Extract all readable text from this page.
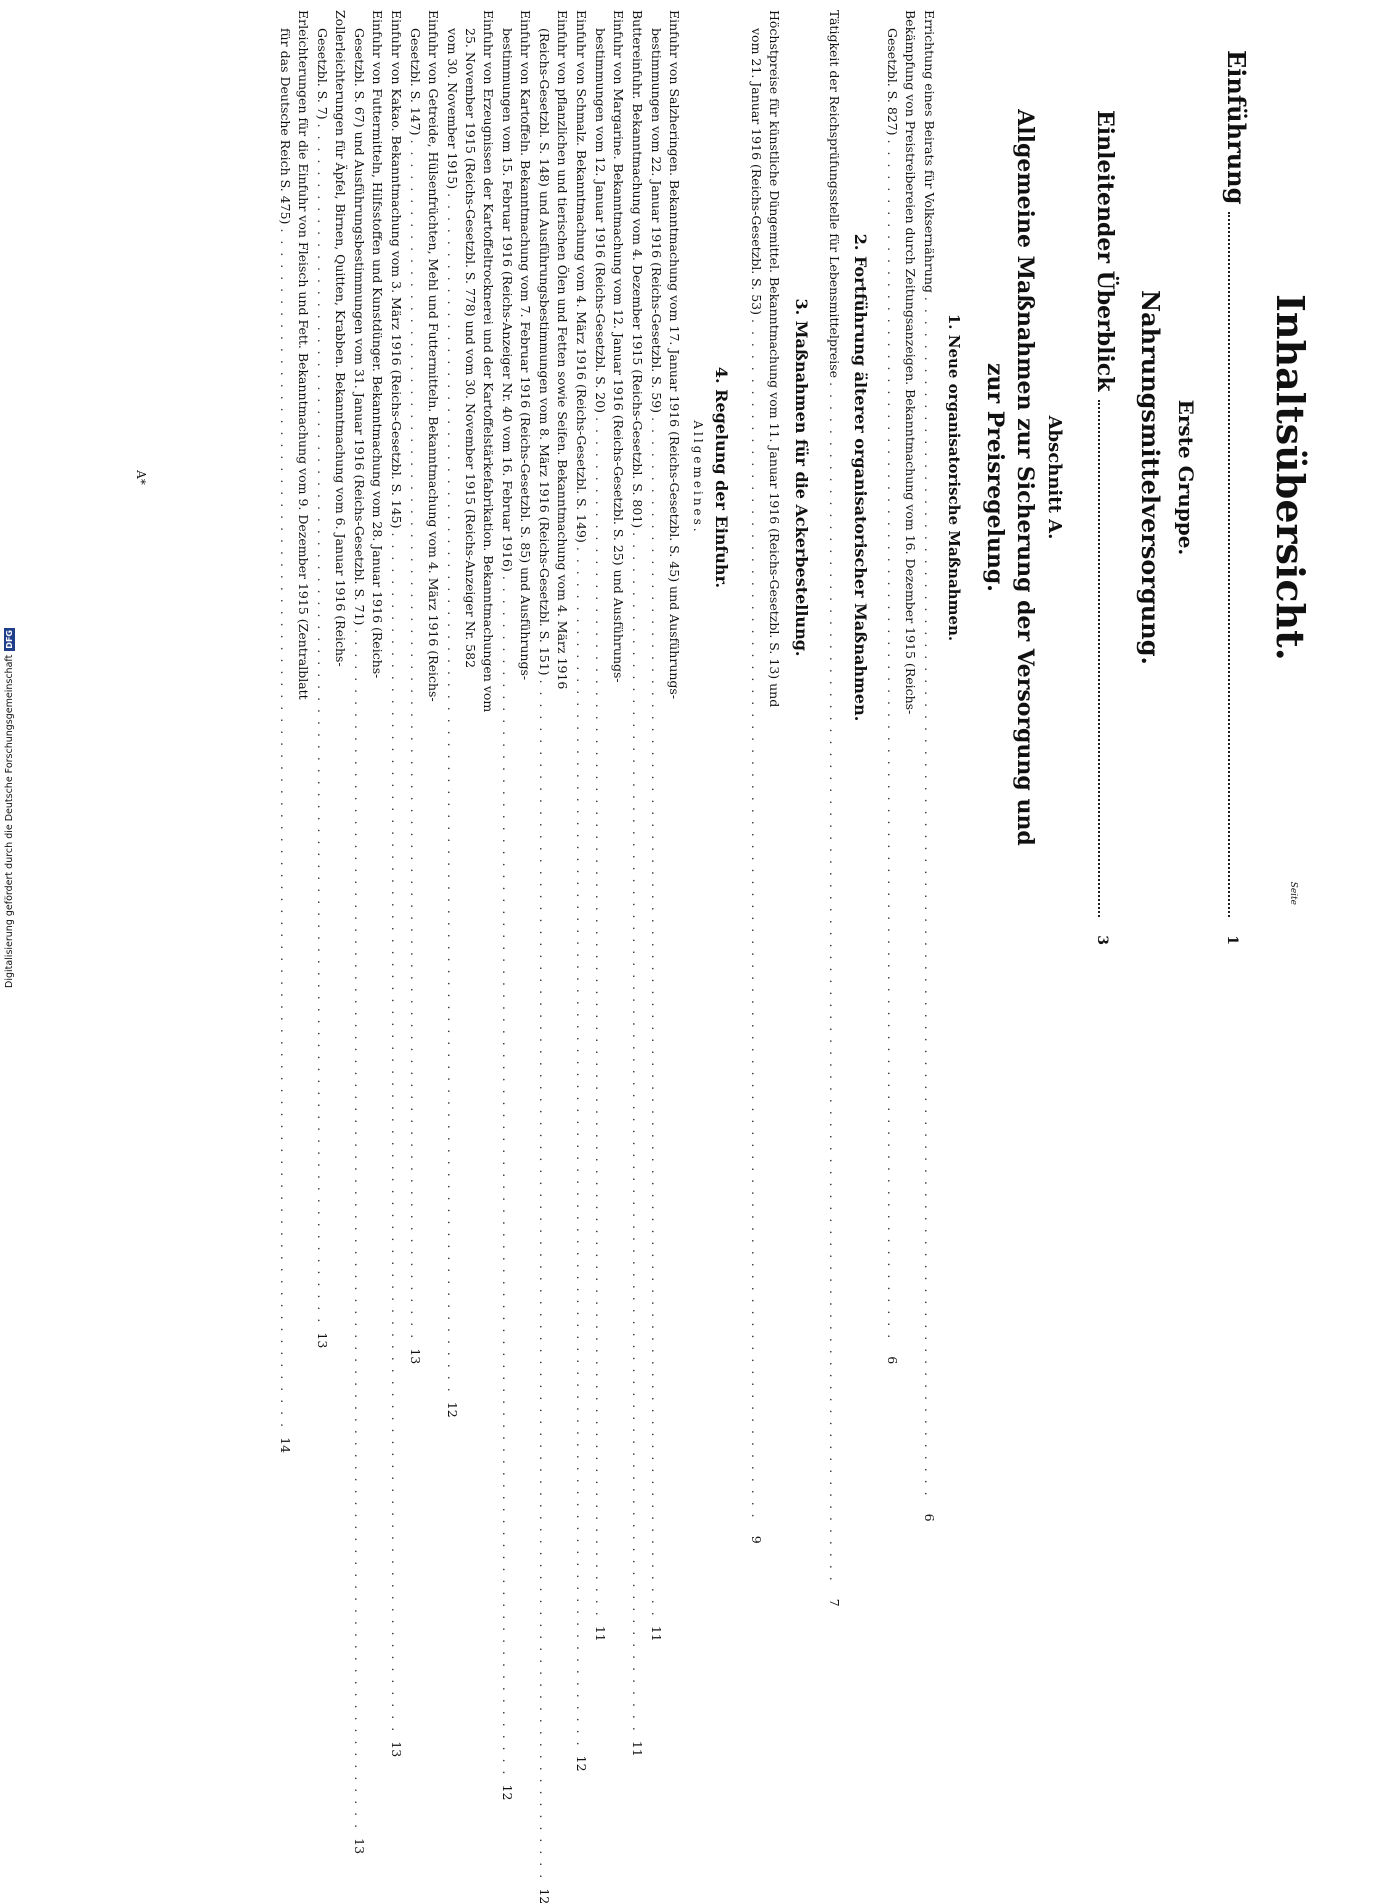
Seite
Inhaltsübersicht.
Einführung
1
Erste Gruppe.
Nahrungsmittelversorgung.
Einleitender Überblick
3
Abschnitt A.
Allgemeine Maßnahmen zur Sicherung der Versorgung und
zur Preisregelung.
1. Neue organisatorische Maßnahmen.
Errichtung eines Beirats für Volksernährung
. . . . . . . . . . . . . . . . . . . . . . . . . . . . . . . . . . . . . . . . . . . . . . . . . . . . . . . . . . . . . . . . . . . . . . . . . . . . . . . . . . . . . . . . . . . . . . . . . . . . .
6
Bekämpfung von Preistreibereien durch Zeitungsanzeigen. Bekanntmachung vom 16. Dezember 1915 (Reichs-
Gesetzbl. S. 827)
. . . . . . . . . . . . . . . . . . . . . . . . . . . . . . . . . . . . . . . . . . . . . . . . . . . . . . . . . . . . . . . . . . . . . . . . . . . . . . . . . . . . . . . . . . . . . . . . . . . . .
6
2. Fortführung älterer organisatorischer Maßnahmen.
Tätigkeit der Reichsprüfungsstelle für Lebensmittelpreise
. . . . . . . . . . . . . . . . . . . . . . . . . . . . . . . . . . . . . . . . . . . . . . . . . . . . . . . . . . . . . . . . . . . . . . . . . . . . . . . . . . . . . . . . . . . . . . . . . . . . .
7
3. Maßnahmen für die Ackerbestellung.
Höchstpreise für künstliche Düngemittel. Bekanntmachung vom 11. Januar 1916 (Reichs-Gesetzbl. S. 13) und
vom 21. Januar 1916 (Reichs-Gesetzbl. S. 53)
. . . . . . . . . . . . . . . . . . . . . . . . . . . . . . . . . . . . . . . . . . . . . . . . . . . . . . . . . . . . . . . . . . . . . . . . . . . . . . . . . . . . . . . . . . . . . . . . . . . . .
9
4. Regelung der Einfuhr.
Allgemeines.
Einfuhr von Salzheringen. Bekanntmachung vom 17. Januar 1916 (Reichs-Gesetzbl. S. 45) und Ausführungs-
bestimmungen vom 22. Januar 1916 (Reichs-Gesetzbl. S. 59)
. . . . . . . . . . . . . . . . . . . . . . . . . . . . . . . . . . . . . . . . . . . . . . . . . . . . . . . . . . . . . . . . . . . . . . . . . . . . . . . . . . . . . . . . . . . . . . . . . . . . .
11
Buttereinfuhr. Bekanntmachung vom 4. Dezember 1915 (Reichs-Gesetzbl. S. 801)
. . . . . . . . . . . . . . . . . . . . . . . . . . . . . . . . . . . . . . . . . . . . . . . . . . . . . . . . . . . . . . . . . . . . . . . . . . . . . . . . . . . . . . . . . . . . . . . . . . . . .
11
Einfuhr von Margarine. Bekanntmachung vom 12. Januar 1916 (Reichs-Gesetzbl. S. 25) und Ausführungs-
bestimmungen vom 12. Januar 1916 (Reichs-Gesetzbl. S. 20)
. . . . . . . . . . . . . . . . . . . . . . . . . . . . . . . . . . . . . . . . . . . . . . . . . . . . . . . . . . . . . . . . . . . . . . . . . . . . . . . . . . . . . . . . . . . . . . . . . . . . .
11
Einfuhr von Schmalz. Bekanntmachung vom 4. März 1916 (Reichs-Gesetzbl. S. 149)
. . . . . . . . . . . . . . . . . . . . . . . . . . . . . . . . . . . . . . . . . . . . . . . . . . . . . . . . . . . . . . . . . . . . . . . . . . . . . . . . . . . . . . . . . . . . . . . . . . . . .
12
Einfuhr von pflanzlichen und tierischen Ölen und Fetten sowie Seifen. Bekanntmachung vom 4. März 1916
(Reichs-Gesetzbl. S. 148) und Ausführungsbestimmungen vom 8. März 1916 (Reichs-Gesetzbl. S. 151)
. . . . . . . . . . . . . . . . . . . . . . . . . . . . . . . . . . . . . . . . . . . . . . . . . . . . . . . . . . . . . . . . . . . . . . . . . . . . . . . . . . . . . . . . . . . . . . . . . . . . .
12
Einfuhr von Kartoffeln. Bekanntmachung vom 7. Februar 1916 (Reichs-Gesetzbl. S. 85) und Ausführungs-
bestimmungen vom 15. Februar 1916 (Reichs-Anzeiger Nr. 40 vom 16. Februar 1916)
. . . . . . . . . . . . . . . . . . . . . . . . . . . . . . . . . . . . . . . . . . . . . . . . . . . . . . . . . . . . . . . . . . . . . . . . . . . . . . . . . . . . . . . . . . . . . . . . . . . . .
12
Einfuhr von Erzeugnissen der Kartoffeltrocknerei und der Kartoffelstärkefabrikation. Bekanntmachungen vom
25. November 1915 (Reichs-Gesetzbl. S. 778) und vom 30. November 1915 (Reichs-Anzeiger Nr. 582
vom 30. November 1915)
. . . . . . . . . . . . . . . . . . . . . . . . . . . . . . . . . . . . . . . . . . . . . . . . . . . . . . . . . . . . . . . . . . . . . . . . . . . . . . . . . . . . . . . . . . . . . . . . . . . . .
12
Einfuhr von Getreide, Hülsenfrüchten, Mehl und Futtermitteln. Bekanntmachung vom 4. März 1916 (Reichs-
Gesetzbl. S. 147)
. . . . . . . . . . . . . . . . . . . . . . . . . . . . . . . . . . . . . . . . . . . . . . . . . . . . . . . . . . . . . . . . . . . . . . . . . . . . . . . . . . . . . . . . . . . . . . . . . . . . .
13
Einfuhr von Kakao. Bekanntmachung vom 3. März 1916 (Reichs-Gesetzbl. S. 145)
. . . . . . . . . . . . . . . . . . . . . . . . . . . . . . . . . . . . . . . . . . . . . . . . . . . . . . . . . . . . . . . . . . . . . . . . . . . . . . . . . . . . . . . . . . . . . . . . . . . . .
13
Einfuhr von Futtermitteln, Hilfsstoffen und Kunstdünger. Bekanntmachung vom 28. Januar 1916 (Reichs-
Gesetzbl. S. 67) und Ausführungsbestimmungen vom 31. Januar 1916 (Reichs-Gesetzbl. S. 71)
. . . . . . . . . . . . . . . . . . . . . . . . . . . . . . . . . . . . . . . . . . . . . . . . . . . . . . . . . . . . . . . . . . . . . . . . . . . . . . . . . . . . . . . . . . . . . . . . . . . . .
13
Zollerleichterungen für Äpfel, Birnen, Quitten, Krabben. Bekanntmachung vom 6. Januar 1916 (Reichs-
Gesetzbl. S. 7)
. . . . . . . . . . . . . . . . . . . . . . . . . . . . . . . . . . . . . . . . . . . . . . . . . . . . . . . . . . . . . . . . . . . . . . . . . . . . . . . . . . . . . . . . . . . . . . . . . . . . .
13
Erleichterungen für die Einfuhr von Fleisch und Fett. Bekanntmachung vom 9. Dezember 1915 (Zentralblatt
für das Deutsche Reich S. 475)
. . . . . . . . . . . . . . . . . . . . . . . . . . . . . . . . . . . . . . . . . . . . . . . . . . . . . . . . . . . . . . . . . . . . . . . . . . . . . . . . . . . . . . . . . . . . . . . . . . . . .
14
A*
Digitalisierung gefördert durch die Deutsche Forschungsgemeinschaft
DFG
